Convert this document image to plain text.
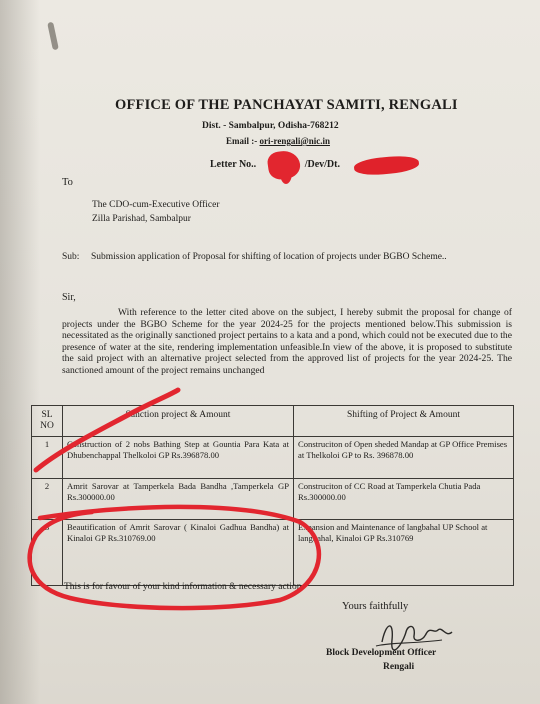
OFFICE OF THE PANCHAYAT SAMITI, RENGALI
Dist. - Sambalpur, Odisha-768212
Email :- ori-rengali@nic.in
Letter No..	/Dev/Dt.
To
The CDO-cum-Executive Officer
Zilla Parishad, Sambalpur
Sub: Submission application of Proposal for shifting of location of projects under BGBO Scheme..
Sir,
With reference to the letter cited above on the subject, I hereby submit the proposal for change of projects under the BGBO Scheme for the year 2024-25 for the projects mentioned below.This submission is necessitated as the originally sanctioned project pertains to a kata and a pond, which could not be executed due to the presence of water at the site, rendering implementation unfeasible.In view of the above, it is proposed to substitute the said project with an alternative project selected from the approved list of projects for the year 2024-25. The sanctioned amount of the project remains unchanged
SL NO	Sanction project & Amount	Shifting of Project & Amount
1	Construction of 2 nobs Bathing Step at Gountia Para Kata at Dhubenchappal Thelkoloi GP Rs.396878.00	Construciton of Open sheded Mandap at GP Office Premises at Thelkoloi GP to Rs. 396878.00
2	Amrit Sarovar at Tamperkela Bada Bandha ,Tamperkela GP Rs.300000.00	Construciton of CC Road at Tamperkela Chutia Pada Rs.300000.00
3	Beautification of Amrit Sarovar ( Kinaloi Gadhua Bandha) at Kinaloi GP Rs.310769.00	Expansion and Maintenance of langbahal UP School at langbahal, Kinaloi GP Rs.310769
This is for favour of your kind information & necessary action.
Yours faithfully
Block Development Officer
Rengali
